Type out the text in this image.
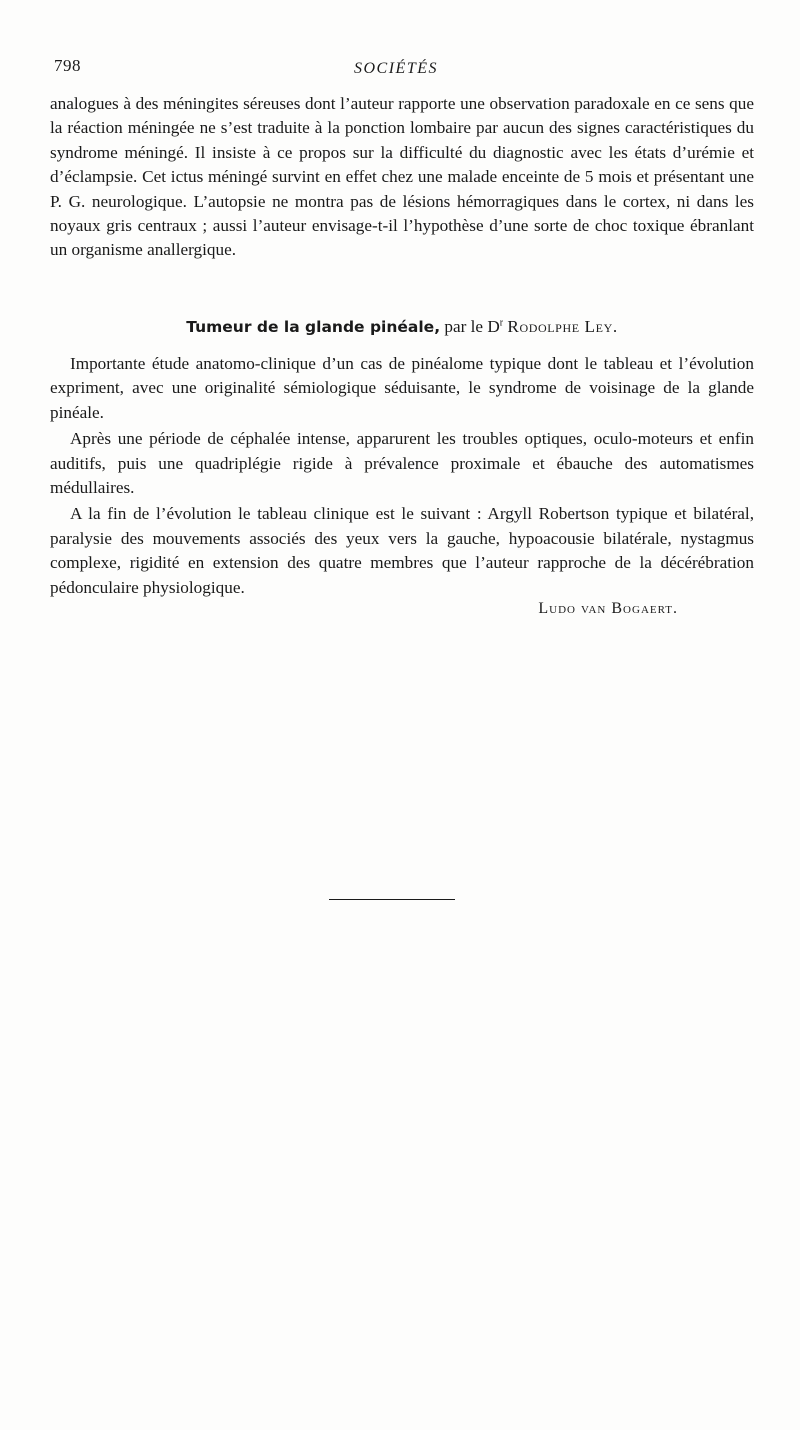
798	SOCIÉTÉS

analogues à des méningites séreuses dont l’auteur rapporte une observation paradoxale en ce sens que la réaction méningée ne s’est traduite à la ponction lombaire par aucun des signes caractéristiques du syndrome méningé. Il insiste à ce propos sur la difficulté du diagnostic avec les états d’urémie et d’éclampsie. Cet ictus méningé survint en effet chez une malade enceinte de 5 mois et présentant une P. G. neurologique. L’autopsie ne montra pas de lésions hémorragiques dans le cortex, ni dans les noyaux gris centraux ; aussi l’auteur envisage-t-il l’hypothèse d’une sorte de choc toxique ébranlant un organisme anallergique.

Tumeur de la glande pinéale, par le $D^r$ Rodolphe Ley.

Importante étude anatomo-clinique d’un cas de pinéalome typique dont le tableau et l’évolution expriment, avec une originalité sémiologique séduisante, le syndrome de voisinage de la glande pinéale.

Après une période de céphalée intense, apparurent les troubles optiques, oculo-moteurs et enfin auditifs, puis une quadriplégie rigide à prévalence proximale et ébauche des automatismes médullaires.

A la fin de l’évolution le tableau clinique est le suivant : Argyll Robertson typique et bilatéral, paralysie des mouvements associés des yeux vers la gauche, hypoacousie bilatérale, nystagmus complexe, rigidité en extension des quatre membres que l’auteur rapproche de la décérébration pédonculaire physiologique.

Ludo van Bogaert.
